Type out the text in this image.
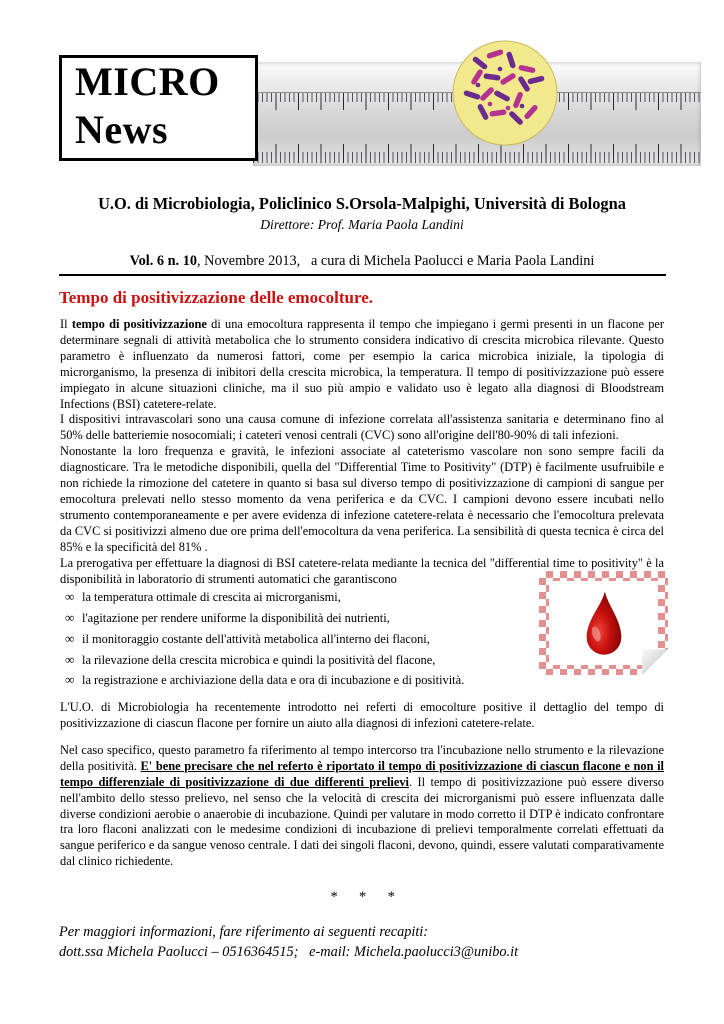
MICRO
News
U.O. di Microbiologia, Policlinico S.Orsola-Malpighi, Università di Bologna
Direttore: Prof. Maria Paola Landini
Vol. 6 n. 10, Novembre 2013,   a cura di Michela Paolucci e Maria Paola Landini
Tempo di positivizzazione delle emocolture.

Il tempo di positivizzazione di una emocoltura rappresenta il tempo che impiegano i germi presenti in un flacone per determinare segnali di attività metabolica che lo strumento considera indicativo di crescita microbica rilevante. Questo parametro è influenzato da numerosi fattori, come per esempio la carica microbica iniziale, la tipologia di microrganismo, la presenza di inibitori della crescita microbica, la temperatura. Il tempo di positivizzazione può essere impiegato in alcune situazioni cliniche, ma il suo più ampio e validato uso è legato alla diagnosi di Bloodstream Infections (BSI) catetere-relate.

I dispositivi intravascolari sono una causa comune di infezione correlata all'assistenza sanitaria e determinano fino al 50% delle batteriemie nosocomiali; i cateteri venosi centrali (CVC) sono all'origine dell'80-90% di tali infezioni.

Nonostante la loro frequenza e gravità, le infezioni associate al cateterismo vascolare non sono sempre facili da diagnosticare. Tra le metodiche disponibili, quella del "Differential Time to Positivity" (DTP) è facilmente usufruibile e non richiede la rimozione del catetere in quanto si basa sul diverso tempo di positivizzazione di campioni di sangue per emocoltura prelevati nello stesso momento da vena periferica e da CVC. I campioni devono essere incubati nello strumento contemporaneamente e per avere evidenza di infezione catetere-relata è necessario che l'emocoltura prelevata da CVC si positivizzi almeno due ore prima dell'emocoltura da vena periferica. La sensibilità di questa tecnica è circa del 85% e la specificità del 81% .

La prerogativa per effettuare la diagnosi di BSI catetere-relata mediante la tecnica del "differential time to positivity" è la disponibilità in laboratorio di strumenti automatici che garantiscono

∞ la temperatura ottimale di crescita ai microrganismi,
∞ l'agitazione per rendere uniforme la disponibilità dei nutrienti,
∞ il monitoraggio costante dell'attività metabolica all'interno dei flaconi,
∞ la rilevazione della crescita microbica e quindi la positività del flacone,
∞ la registrazione e archiviazione della data e ora di incubazione e di positività.

L'U.O. di Microbiologia ha recentemente introdotto nei referti di emocolture positive il dettaglio del tempo di positivizzazione di ciascun flacone per fornire un aiuto alla diagnosi di infezioni catetere-relate.

Nel caso specifico, questo parametro fa riferimento al tempo intercorso tra l'incubazione nello strumento e la rilevazione della positività. E' bene precisare che nel referto è riportato il tempo di positivizzazione di ciascun flacone e non il tempo differenziale di positivizzazione di due differenti prelievi. Il tempo di positivizzazione può essere diverso nell'ambito dello stesso prelievo, nel senso che la velocità di crescita dei microrganismi può essere influenzata dalle diverse condizioni aerobie o anaerobie di incubazione. Quindi per valutare in modo corretto il DTP è indicato confrontare tra loro flaconi analizzati con le medesime condizioni di incubazione di prelievi temporalmente correlati effettuati da sangue periferico e da sangue venoso centrale. I dati dei singoli flaconi, devono, quindi, essere valutati comparativamente dal clinico richiedente.

*      *      *
Per maggiori informazioni, fare riferimento ai seguenti recapiti:
dott.ssa Michela Paolucci – 0516364515;   e-mail: Michela.paolucci3@unibo.it
